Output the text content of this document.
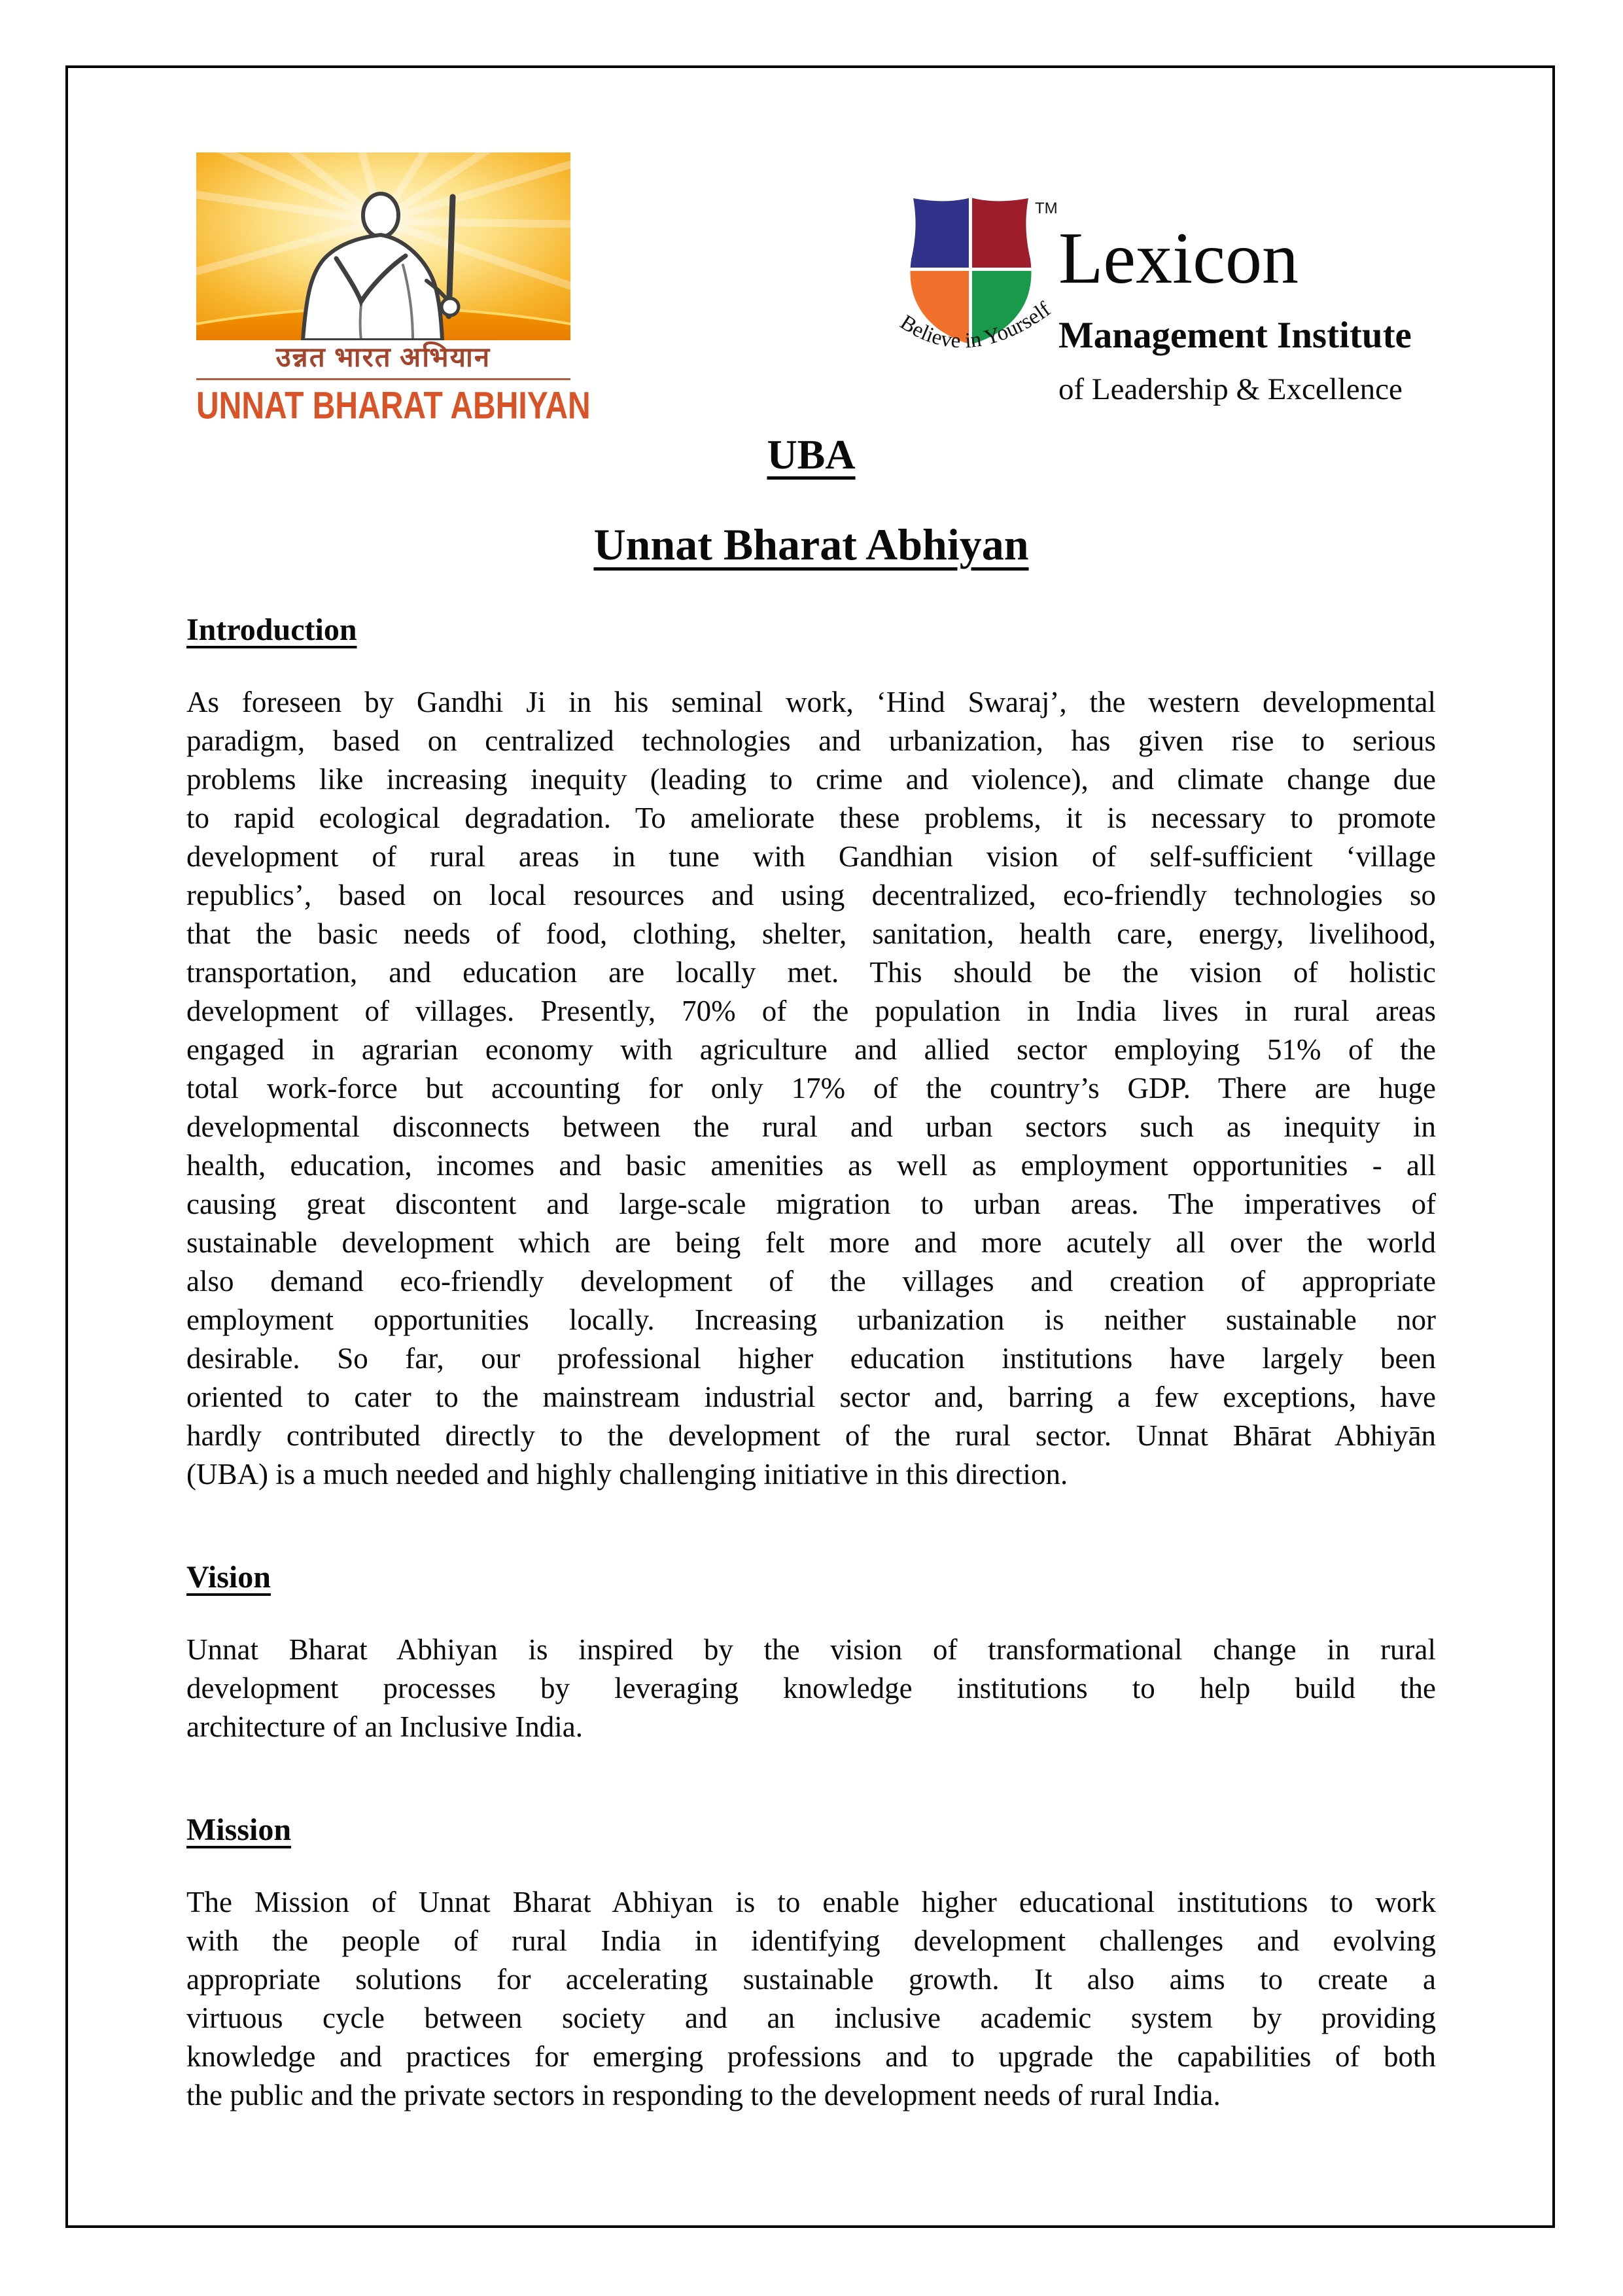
उन्नत भारत अभियान
UNNAT BHARAT ABHIYAN
TM
Believe in Yourself
Lexicon
Management Institute
of Leadership & Excellence
UBA
Unnat Bharat Abhiyan
Introduction
As foreseen by Gandhi Ji in his seminal work, ‘Hind Swaraj’, the western developmental
paradigm, based on centralized technologies and urbanization, has given rise to serious
problems like increasing inequity (leading to crime and violence), and climate change due
to rapid ecological degradation. To ameliorate these problems, it is necessary to promote
development of rural areas in tune with Gandhian vision of self-sufficient ‘village
republics’, based on local resources and using decentralized, eco-friendly technologies so
that the basic needs of food, clothing, shelter, sanitation, health care, energy, livelihood,
transportation, and education are locally met. This should be the vision of holistic
development of villages. Presently, 70% of the population in India lives in rural areas
engaged in agrarian economy with agriculture and allied sector employing 51% of the
total work-force but accounting for only 17% of the country’s GDP. There are huge
developmental disconnects between the rural and urban sectors such as inequity in
health, education, incomes and basic amenities as well as employment opportunities - all
causing great discontent and large-scale migration to urban areas. The imperatives of
sustainable development which are being felt more and more acutely all over the world
also demand eco-friendly development of the villages and creation of appropriate
employment opportunities locally. Increasing urbanization is neither sustainable nor
desirable. So far, our professional higher education institutions have largely been
oriented to cater to the mainstream industrial sector and, barring a few exceptions, have
hardly contributed directly to the development of the rural sector. Unnat Bhārat Abhiyān
(UBA) is a much needed and highly challenging initiative in this direction.
Vision
Unnat Bharat Abhiyan is inspired by the vision of transformational change in rural
development processes by leveraging knowledge institutions to help build the
architecture of an Inclusive India.
Mission
The Mission of Unnat Bharat Abhiyan is to enable higher educational institutions to work
with the people of rural India in identifying development challenges and evolving
appropriate solutions for accelerating sustainable growth. It also aims to create a
virtuous cycle between society and an inclusive academic system by providing
knowledge and practices for emerging professions and to upgrade the capabilities of both
the public and the private sectors in responding to the development needs of rural India.
